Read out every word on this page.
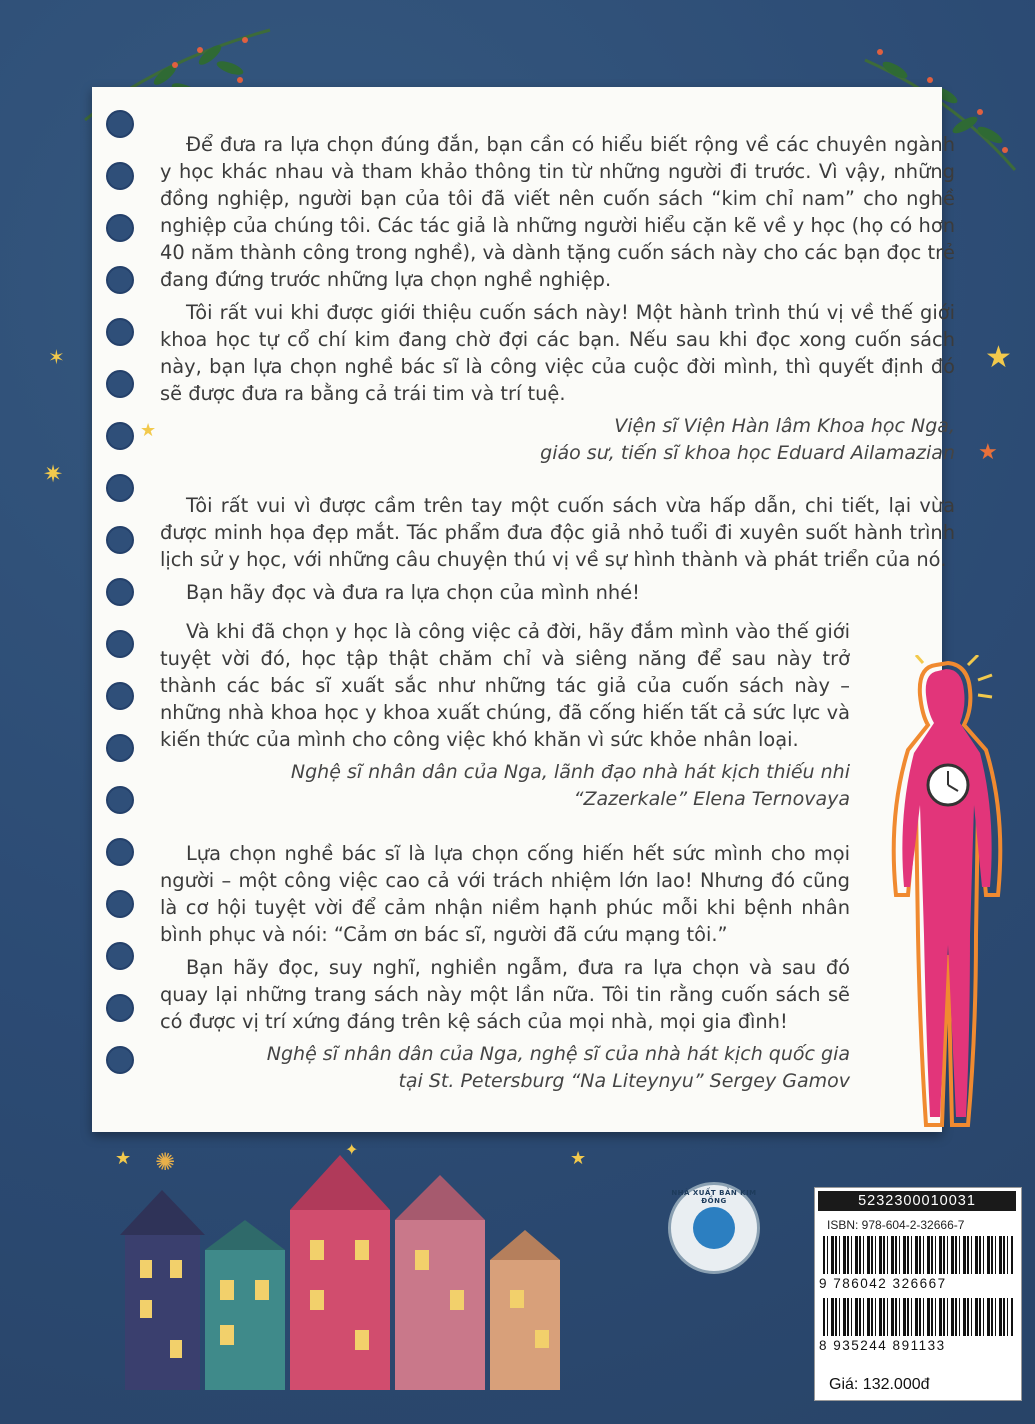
✶
★
✷
★
★
★ ✺	✦	★

Để đưa ra lựa chọn đúng đắn, bạn cần có hiểu biết rộng về các chuyên ngành y học khác nhau và tham khảo thông tin từ những người đi trước. Vì vậy, những đồng nghiệp, người bạn của tôi đã viết nên cuốn sách “kim chỉ nam” cho nghề nghiệp của chúng tôi. Các tác giả là những người hiểu cặn kẽ về y học (họ có hơn 40 năm thành công trong nghề), và dành tặng cuốn sách này cho các bạn đọc trẻ đang đứng trước những lựa chọn nghề nghiệp.

Tôi rất vui khi được giới thiệu cuốn sách này! Một hành trình thú vị về thế giới khoa học tự cổ chí kim đang chờ đợi các bạn. Nếu sau khi đọc xong cuốn sách này, bạn lựa chọn nghề bác sĩ là công việc của cuộc đời mình, thì quyết định đó sẽ được đưa ra bằng cả trái tim và trí tuệ.

Viện sĩ Viện Hàn lâm Khoa học Nga,
giáo sư, tiến sĩ khoa học Eduard Ailamazian

Tôi rất vui vì được cầm trên tay một cuốn sách vừa hấp dẫn, chi tiết, lại vừa được minh họa đẹp mắt. Tác phẩm đưa độc giả nhỏ tuổi đi xuyên suốt hành trình lịch sử y học, với những câu chuyện thú vị về sự hình thành và phát triển của nó.

Bạn hãy đọc và đưa ra lựa chọn của mình nhé!

Và khi đã chọn y học là công việc cả đời, hãy đắm mình vào thế giới tuyệt vời đó, học tập thật chăm chỉ và siêng năng để sau này trở thành các bác sĩ xuất sắc như những tác giả của cuốn sách này – những nhà khoa học y khoa xuất chúng, đã cống hiến tất cả sức lực và kiến thức của mình cho công việc khó khăn vì sức khỏe nhân loại.

Nghệ sĩ nhân dân của Nga, lãnh đạo nhà hát kịch thiếu nhi
“Zazerkale” Elena Ternovaya

Lựa chọn nghề bác sĩ là lựa chọn cống hiến hết sức mình cho mọi người – một công việc cao cả với trách nhiệm lớn lao! Nhưng đó cũng là cơ hội tuyệt vời để cảm nhận niềm hạnh phúc mỗi khi bệnh nhân bình phục và nói: “Cảm ơn bác sĩ, người đã cứu mạng tôi.”

Bạn hãy đọc, suy nghĩ, nghiền ngẫm, đưa ra lựa chọn và sau đó quay lại những trang sách này một lần nữa. Tôi tin rằng cuốn sách sẽ có được vị trí xứng đáng trên kệ sách của mọi nhà, mọi gia đình!

Nghệ sĩ nhân dân của Nga, nghệ sĩ của nhà hát kịch quốc gia
tại St. Petersburg “Na Liteynyu” Sergey Gamov
NHÀ XUẤT BẢN KIM ĐỒNG	5232300010031
ISBN: 978-604-2-32666-7
9 786042 326667
8 935244 891133
Giá: 132.000đ
